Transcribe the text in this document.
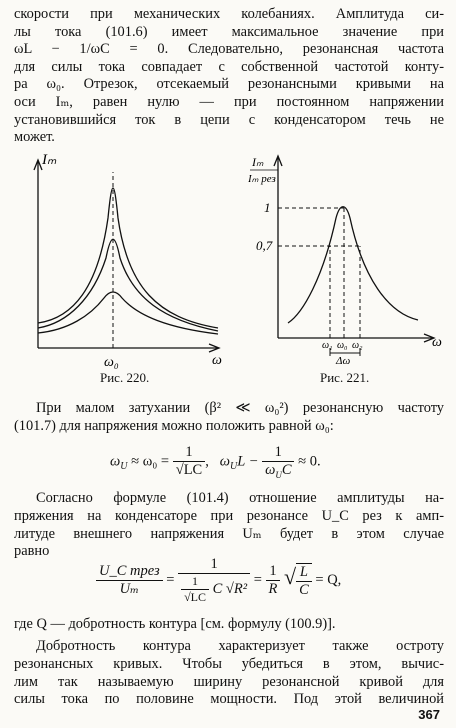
скорости при механических колебаниях. Амплитуда си-
лы тока (101.6) имеет максимальное значение при
ωL − 1/ωC = 0. Следовательно, резонансная частота
для силы тока совпадает с собственной частотой конту-
ра ω₀. Отрезок, отсекаемый резонансными кривыми на
оси Iₘ, равен нулю — при постоянном напряжении
установившийся ток в цепи с конденсатором течь не
может.
Iₘ
ω
ω₀
Рис. 220.
Iₘ
Iₘ рез
1
0,7
ω
ω₁ ω₀ ω₂
Δω
Рис. 221.
При малом затухании (β² ≪ ω₀²) резонансную частоту
(101.7) для напряжения можно положить равной ω₀:
$\omega_U \approx \omega_0 = \frac{1}{√LC}$ , $\omega_UL - \frac{1}{\omega_UC} \approx 0$.
Согласно формуле (101.4) отношение амплитуды на-
пряжения на конденсаторе при резонансе U_C рез к амп-
литуде внешнего напряжения Uₘ будет в этом случае
равно
$\frac{\text{U\_C mрез}}{\text{Uₘ}} = \frac{1}{\frac{1}{√LC} C √R^2} = \frac{1}{R}$ √ $\frac{L}{C} = Q$,
где Q — добротность контура [см. формулу (100.9)].
Добротность контура характеризует также остроту
резонансных кривых. Чтобы убедиться в этом, вычис-
лим так называемую ширину резонансной кривой для
силы тока по половине мощности. Под этой величиной
367
